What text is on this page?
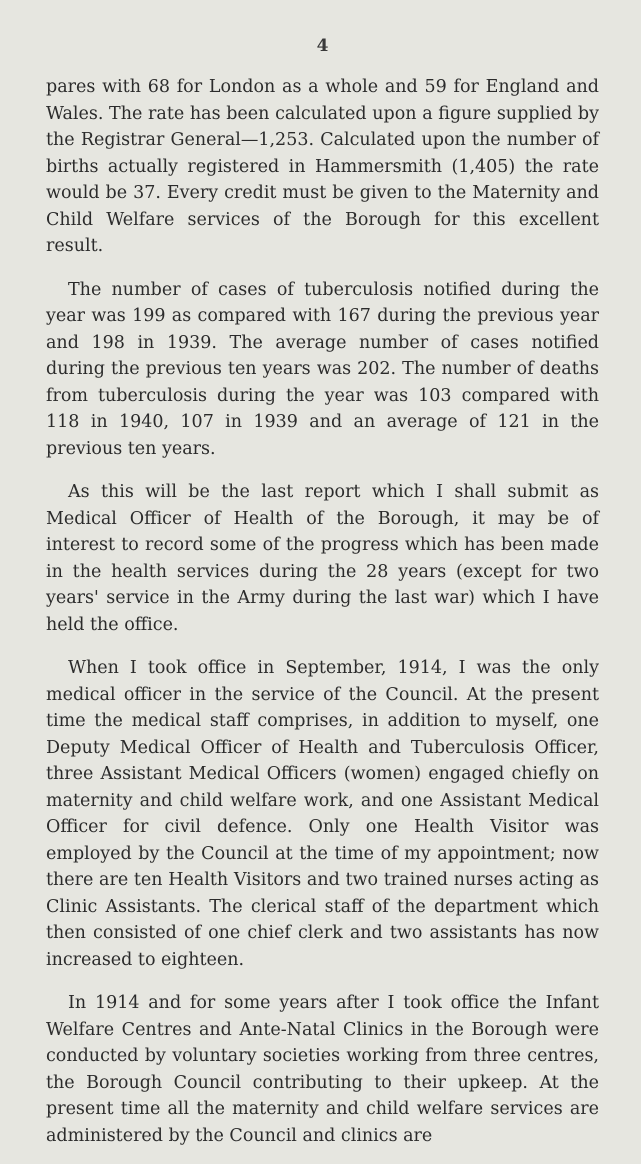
4

pares with 68 for London as a whole and 59 for England and Wales. The rate has been calculated upon a figure supplied by the Registrar General—1,253. Calculated upon the number of births actually registered in Hammersmith (1,405) the rate would be 37. Every credit must be given to the Maternity and Child Welfare services of the Borough for this excellent result.

The number of cases of tuberculosis notified during the year was 199 as compared with 167 during the previous year and 198 in 1939. The average number of cases notified during the previous ten years was 202. The number of deaths from tuberculosis during the year was 103 compared with 118 in 1940, 107 in 1939 and an average of 121 in the previous ten years.

As this will be the last report which I shall submit as Medical Officer of Health of the Borough, it may be of interest to record some of the progress which has been made in the health services during the 28 years (except for two years' service in the Army during the last war) which I have held the office.

When I took office in September, 1914, I was the only medical officer in the service of the Council. At the present time the medical staff comprises, in addition to myself, one Deputy Medical Officer of Health and Tuberculosis Officer, three Assistant Medical Officers (women) engaged chiefly on maternity and child welfare work, and one Assistant Medical Officer for civil defence. Only one Health Visitor was employed by the Council at the time of my appointment; now there are ten Health Visitors and two trained nurses acting as Clinic Assistants. The clerical staff of the department which then consisted of one chief clerk and two assistants has now increased to eighteen.

In 1914 and for some years after I took office the Infant Welfare Centres and Ante-Natal Clinics in the Borough were conducted by voluntary societies working from three centres, the Borough Council contributing to their upkeep. At the present time all the maternity and child welfare services are administered by the Council and clinics are
